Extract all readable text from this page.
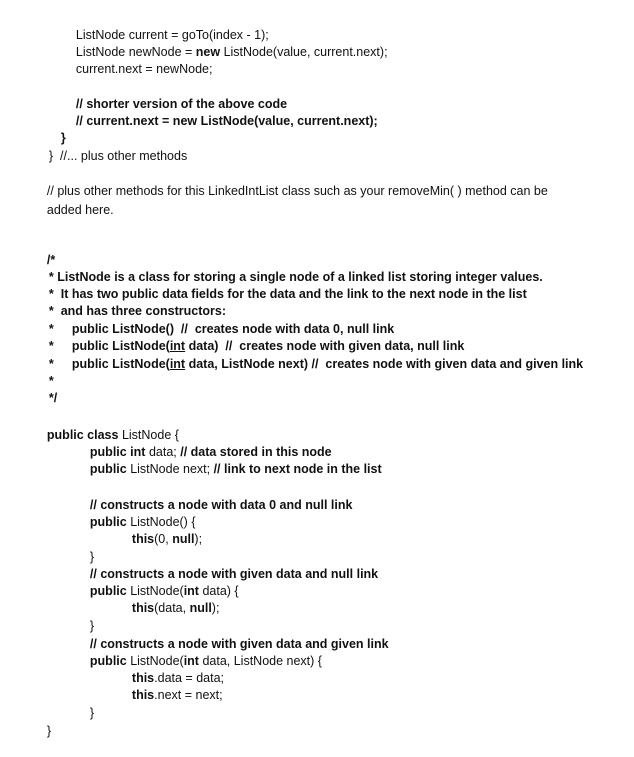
ListNode current = goTo(index - 1);

ListNode newNode = new ListNode(value, current.next);

current.next = newNode;

// shorter version of the above code

// current.next = new ListNode(value, current.next);

}

} //... plus other methods

// plus other methods for this LinkedIntList class such as your removeMin( ) method can be

added here.

/*

* ListNode is a class for storing a single node of a linked list storing integer values.

*  It has two public data fields for the data and the link to the next node in the list

*  and has three constructors:

*
	public ListNode()  //  creates node with data 0, null link

*
	public ListNode(int data)  //  creates node with given data, null link

*
	public ListNode(int data, ListNode next) //  creates node with given data and given link

*

*/

public class ListNode {

public int data; // data stored in this node

public ListNode next; // link to next node in the list

// constructs a node with data 0 and null link

public ListNode() {

this(0, null);

}

// constructs a node with given data and null link

public ListNode(int data) {

this(data, null);

}

// constructs a node with given data and given link

public ListNode(int data, ListNode next) {

this.data = data;

this.next = next;

}

}
